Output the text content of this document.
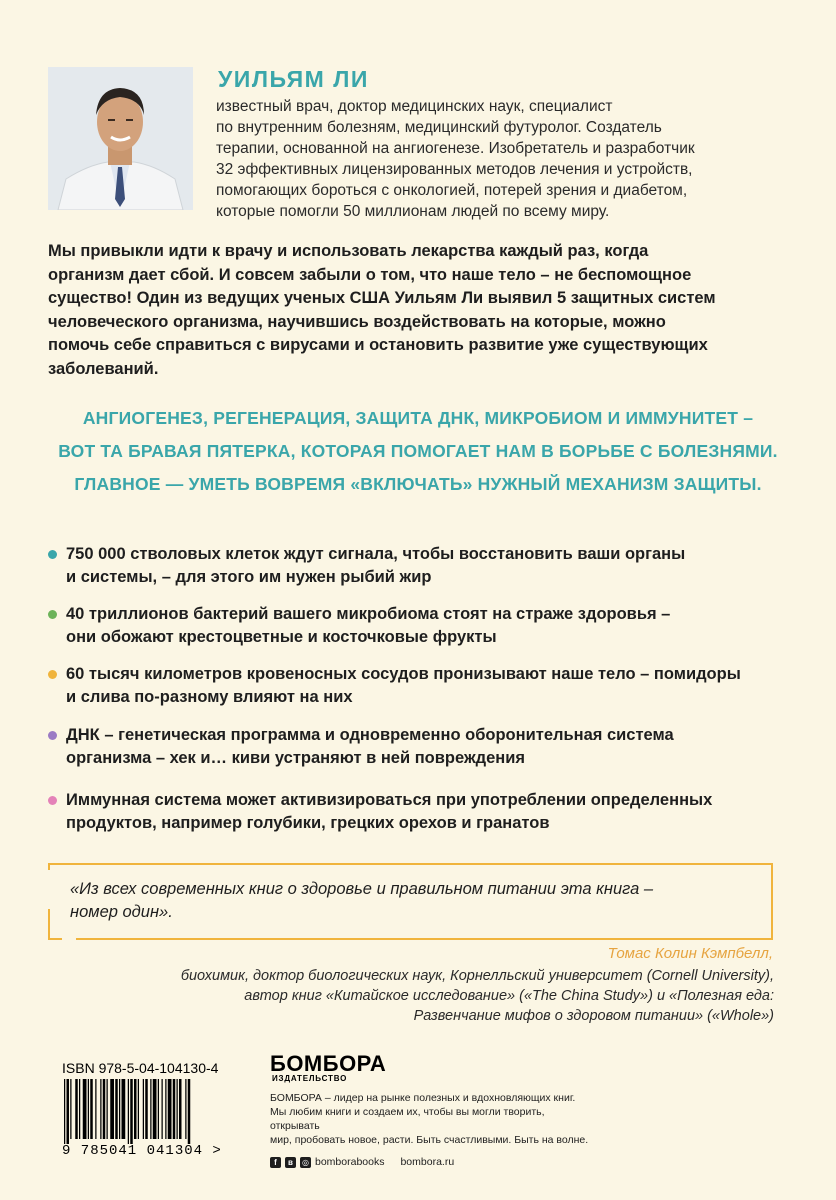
УИЛЬЯМ ЛИ
известный врач, доктор медицинских наук, специалист
по внутренним болезням, медицинский футуролог. Создатель
терапии, основанной на ангиогенезе. Изобретатель и разработчик
32 эффективных лицензированных методов лечения и устройств,
помогающих бороться с онкологией, потерей зрения и диабетом,
которые помогли 50 миллионам людей по всему миру.
Мы привыкли идти к врачу и использовать лекарства каждый раз, когда
организм дает сбой. И совсем забыли о том, что наше тело – не беспомощное
существо! Один из ведущих ученых США Уильям Ли выявил 5 защитных систем
человеческого организма, научившись воздействовать на которые, можно
помочь себе справиться с вирусами и остановить развитие уже существующих
заболеваний.
АНГИОГЕНЕЗ, РЕГЕНЕРАЦИЯ, ЗАЩИТА ДНК, МИКРОБИОМ И ИММУНИТЕТ –
ВОТ ТА БРАВАЯ ПЯТЕРКА, КОТОРАЯ ПОМОГАЕТ НАМ В БОРЬБЕ С БОЛЕЗНЯМИ.
ГЛАВНОЕ — УМЕТЬ ВОВРЕМЯ «ВКЛЮЧАТЬ» НУЖНЫЙ МЕХАНИЗМ ЗАЩИТЫ.
750 000 стволовых клеток ждут сигнала, чтобы восстановить ваши органы
и системы, – для этого им нужен рыбий жир
40 триллионов бактерий вашего микробиома стоят на страже здоровья –
они обожают крестоцветные и косточковые фрукты
60 тысяч километров кровеносных сосудов пронизывают наше тело – помидоры
и слива по-разному влияют на них
ДНК – генетическая программа и одновременно оборонительная система
организма – хек и… киви устраняют в ней повреждения
Иммунная система может активизироваться при употреблении определенных
продуктов, например голубики, грецких орехов и гранатов
«Из всех современных книг о здоровье и правильном питании эта книга –
номер один».
Томас Колин Кэмпбелл,
биохимик, доктор биологических наук, Корнелльский университет (Cornell University),
автор книг «Китайское исследование» («The China Study») и «Полезная еда:
Развенчание мифов о здоровом питании» («Whole»)
ISBN 978-5-04-104130-4
9 785041 041304 >
БОМБОРА
ИЗДАТЕЛЬСТВО
БОМБОРА – лидер на рынке полезных и вдохновляющих книг.
Мы любим книги и создаем их, чтобы вы могли творить, открывать
мир, пробовать новое, расти. Быть счастливыми. Быть на волне.
f	в	◎ bomborabooks bombora.ru
